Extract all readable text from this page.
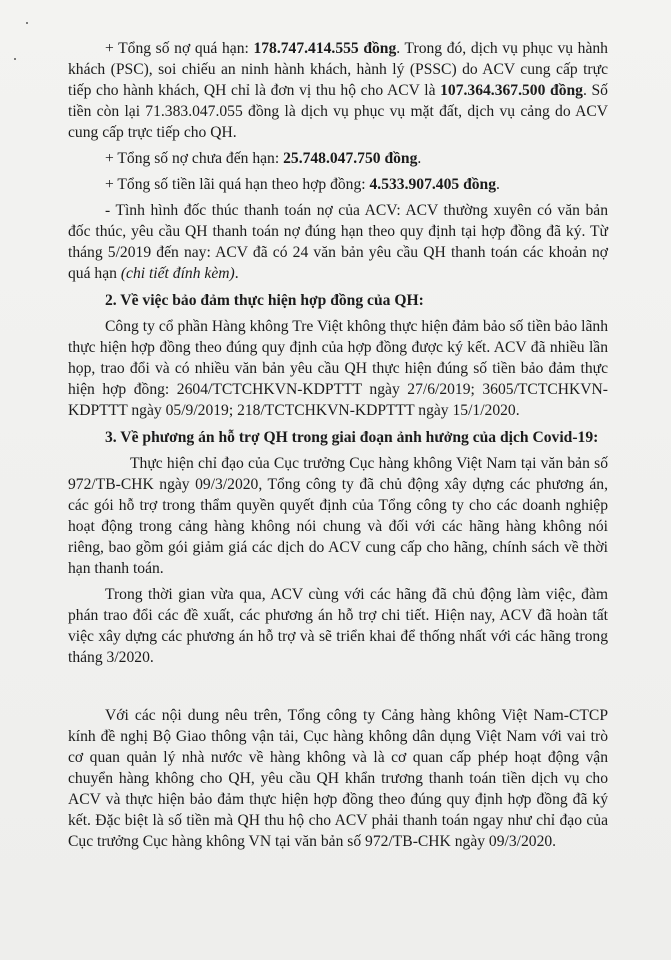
+ Tổng số nợ quá hạn: 178.747.414.555 đồng. Trong đó, dịch vụ phục vụ hành khách (PSC), soi chiếu an ninh hành khách, hành lý (PSSC) do ACV cung cấp trực tiếp cho hành khách, QH chỉ là đơn vị thu hộ cho ACV là 107.364.367.500 đồng. Số tiền còn lại 71.383.047.055 đồng là dịch vụ phục vụ mặt đất, dịch vụ cảng do ACV cung cấp trực tiếp cho QH.

+ Tổng số nợ chưa đến hạn: 25.748.047.750 đồng.

+ Tổng số tiền lãi quá hạn theo hợp đồng: 4.533.907.405 đồng.

- Tình hình đốc thúc thanh toán nợ của ACV: ACV thường xuyên có văn bản đốc thúc, yêu cầu QH thanh toán nợ đúng hạn theo quy định tại hợp đồng đã ký. Từ tháng 5/2019 đến nay: ACV đã có 24 văn bản yêu cầu QH thanh toán các khoản nợ quá hạn (chi tiết đính kèm).

2. Về việc bảo đảm thực hiện hợp đồng của QH:

Công ty cổ phần Hàng không Tre Việt không thực hiện đảm bảo số tiền bảo lãnh thực hiện hợp đồng theo đúng quy định của hợp đồng được ký kết. ACV đã nhiều lần họp, trao đổi và có nhiều văn bản yêu cầu QH thực hiện đúng số tiền bảo đảm thực hiện hợp đồng: 2604/TCTCHKVN-KDPTTT ngày 27/6/2019; 3605/TCTCHKVN-KDPTTT ngày 05/9/2019; 218/TCTCHKVN-KDPTTT ngày 15/1/2020.

3. Về phương án hỗ trợ QH trong giai đoạn ảnh hưởng của dịch Covid-19:

Thực hiện chỉ đạo của Cục trưởng Cục hàng không Việt Nam tại văn bản số 972/TB-CHK ngày 09/3/2020, Tổng công ty đã chủ động xây dựng các phương án, các gói hỗ trợ trong thẩm quyền quyết định của Tổng công ty cho các doanh nghiệp hoạt động trong cảng hàng không nói chung và đối với các hãng hàng không nói riêng, bao gồm gói giảm giá các dịch do ACV cung cấp cho hãng, chính sách về thời hạn thanh toán.

Trong thời gian vừa qua, ACV cùng với các hãng đã chủ động làm việc, đàm phán trao đổi các đề xuất, các phương án hỗ trợ chi tiết. Hiện nay, ACV đã hoàn tất việc xây dựng các phương án hỗ trợ và sẽ triển khai để thống nhất với các hãng trong tháng 3/2020.

Với các nội dung nêu trên, Tổng công ty Cảng hàng không Việt Nam-CTCP kính đề nghị Bộ Giao thông vận tải, Cục hàng không dân dụng Việt Nam với vai trò cơ quan quản lý nhà nước về hàng không và là cơ quan cấp phép hoạt động vận chuyển hàng không cho QH, yêu cầu QH khẩn trương thanh toán tiền dịch vụ cho ACV và thực hiện bảo đảm thực hiện hợp đồng theo đúng quy định hợp đồng đã ký kết. Đặc biệt là số tiền mà QH thu hộ cho ACV phải thanh toán ngay như chỉ đạo của Cục trưởng Cục hàng không VN tại văn bản số 972/TB-CHK ngày 09/3/2020.
